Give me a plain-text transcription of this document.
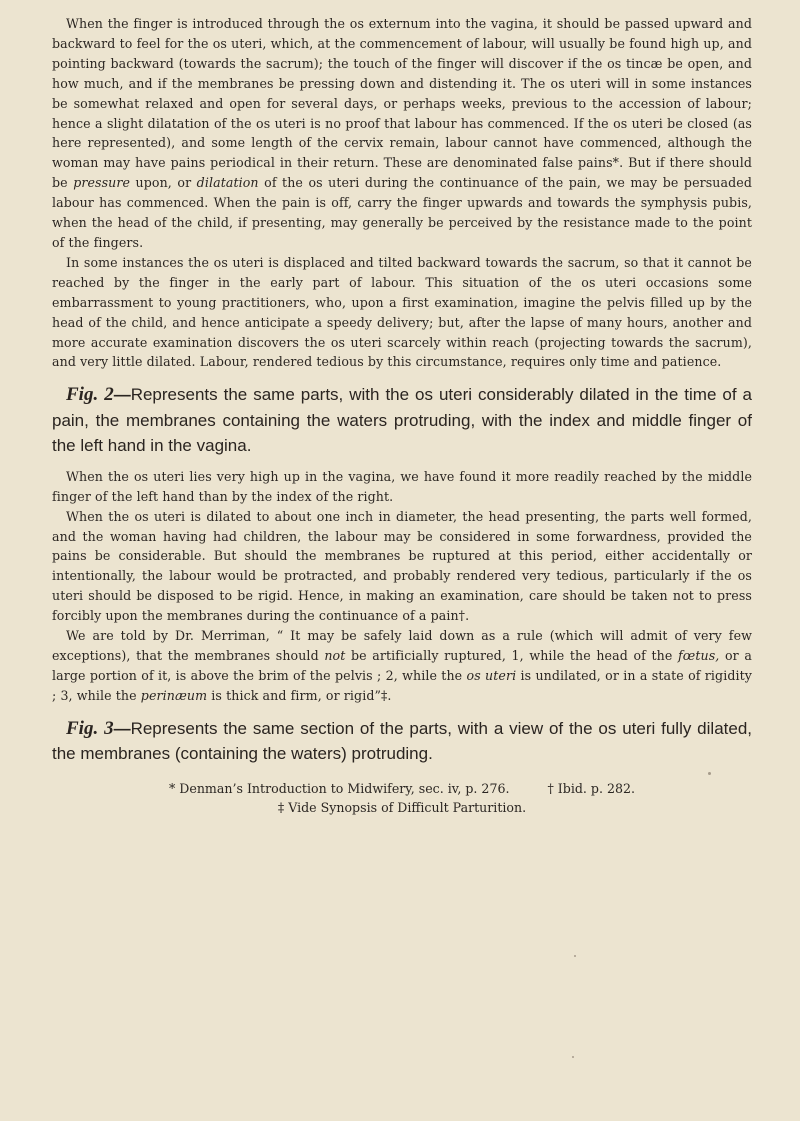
When the finger is introduced through the os externum into the vagina, it should be passed upward and backward to feel for the os uteri, which, at the commencement of labour, will usually be found high up, and pointing backward (towards the sacrum); the touch of the finger will discover if the os tincæ be open, and how much, and if the membranes be pressing down and distending it. The os uteri will in some instances be somewhat relaxed and open for several days, or perhaps weeks, previous to the accession of labour; hence a slight dilatation of the os uteri is no proof that labour has commenced. If the os uteri be closed (as here represented), and some length of the cervix remain, labour cannot have commenced, although the woman may have pains periodical in their return. These are denominated false pains*. But if there should be pressure upon, or dilatation of the os uteri during the continuance of the pain, we may be persuaded labour has commenced. When the pain is off, carry the finger upwards and towards the symphysis pubis, when the head of the child, if presenting, may generally be perceived by the resistance made to the point of the fingers.

In some instances the os uteri is displaced and tilted backward towards the sacrum, so that it cannot be reached by the finger in the early part of labour. This situation of the os uteri occasions some embarrassment to young practitioners, who, upon a first examination, imagine the pelvis filled up by the head of the child, and hence anticipate a speedy delivery; but, after the lapse of many hours, another and more accurate examination discovers the os uteri scarcely within reach (projecting towards the sacrum), and very little dilated. Labour, rendered tedious by this circumstance, requires only time and patience.

Fig. 2—Represents the same parts, with the os uteri considerably dilated in the time of a pain, the membranes containing the waters protruding, with the index and middle finger of the left hand in the vagina.

When the os uteri lies very high up in the vagina, we have found it more readily reached by the middle finger of the left hand than by the index of the right.

When the os uteri is dilated to about one inch in diameter, the head presenting, the parts well formed, and the woman having had children, the labour may be considered in some forwardness, provided the pains be considerable. But should the membranes be ruptured at this period, either accidentally or intentionally, the labour would be protracted, and probably rendered very tedious, particularly if the os uteri should be disposed to be rigid. Hence, in making an examination, care should be taken not to press forcibly upon the membranes during the continuance of a pain†.

We are told by Dr. Merriman, “ It may be safely laid down as a rule (which will admit of very few exceptions), that the membranes should not be artificially ruptured, 1, while the head of the fœtus, or a large portion of it, is above the brim of the pelvis ; 2, while the os uteri is undilated, or in a state of rigidity ; 3, while the perinæum is thick and firm, or rigid”‡.

Fig. 3—Represents the same section of the parts, with a view of the os uteri fully dilated, the membranes (containing the waters) protruding.
* Denman’s Introduction to Midwifery, sec. iv, p. 276.	† Ibid. p. 282.
‡ Vide Synopsis of Difficult Parturition.
